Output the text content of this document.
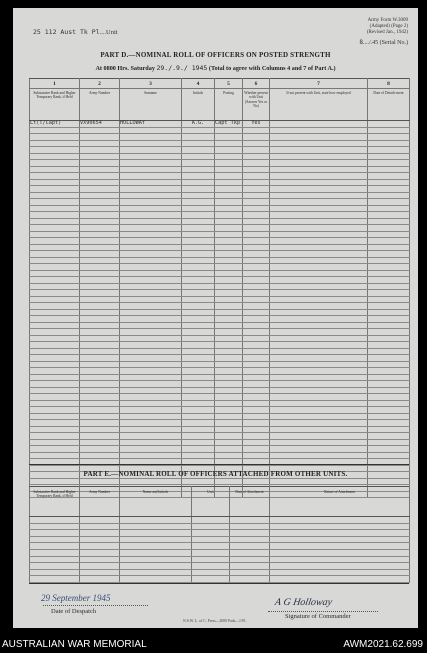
25 112 Aust Tk Pl....Unit
Army Form W.3009
(Adapted) (Page 2)
(Revised Jan., 1942)
8..../.45 (Serial No.)
PART D.—NOMINAL ROLL OF OFFICERS ON POSTED STRENGTH
At 0800 Hrs. Saturday 29./.9./ 1945 (Total to agree with Columns 4 and 7 of Part A.)
1	2	3	4	5	6	7	8
Substantive Rank and Higher Temporary Rank, if Held	Army Number	Surname	Initials	Posting	Whether present with Unit (Answer Yes or No)	If not present with Unit, state how employed	Date of Detach-ment
Lt(T/Capt)	VX90654	HOLLOWAY	A.G.	Capt Tkp	Yes		

PART E.—NOMINAL ROLL OF OFFICERS ATTACHED FROM OTHER UNITS.
Substantive Rank and Higher Temporary Rank, if Held	Army Number	Name and Initials	Unit	Date of Attachment	Nature of Attachment

29 September 1945
Date of Despatch
A G Holloway
Signature of Commander
N.S.W. L. of C. Press—2000 Pads—1/91.
AUSTRALIAN WAR MEMORIAL	AWM2021.62.699
